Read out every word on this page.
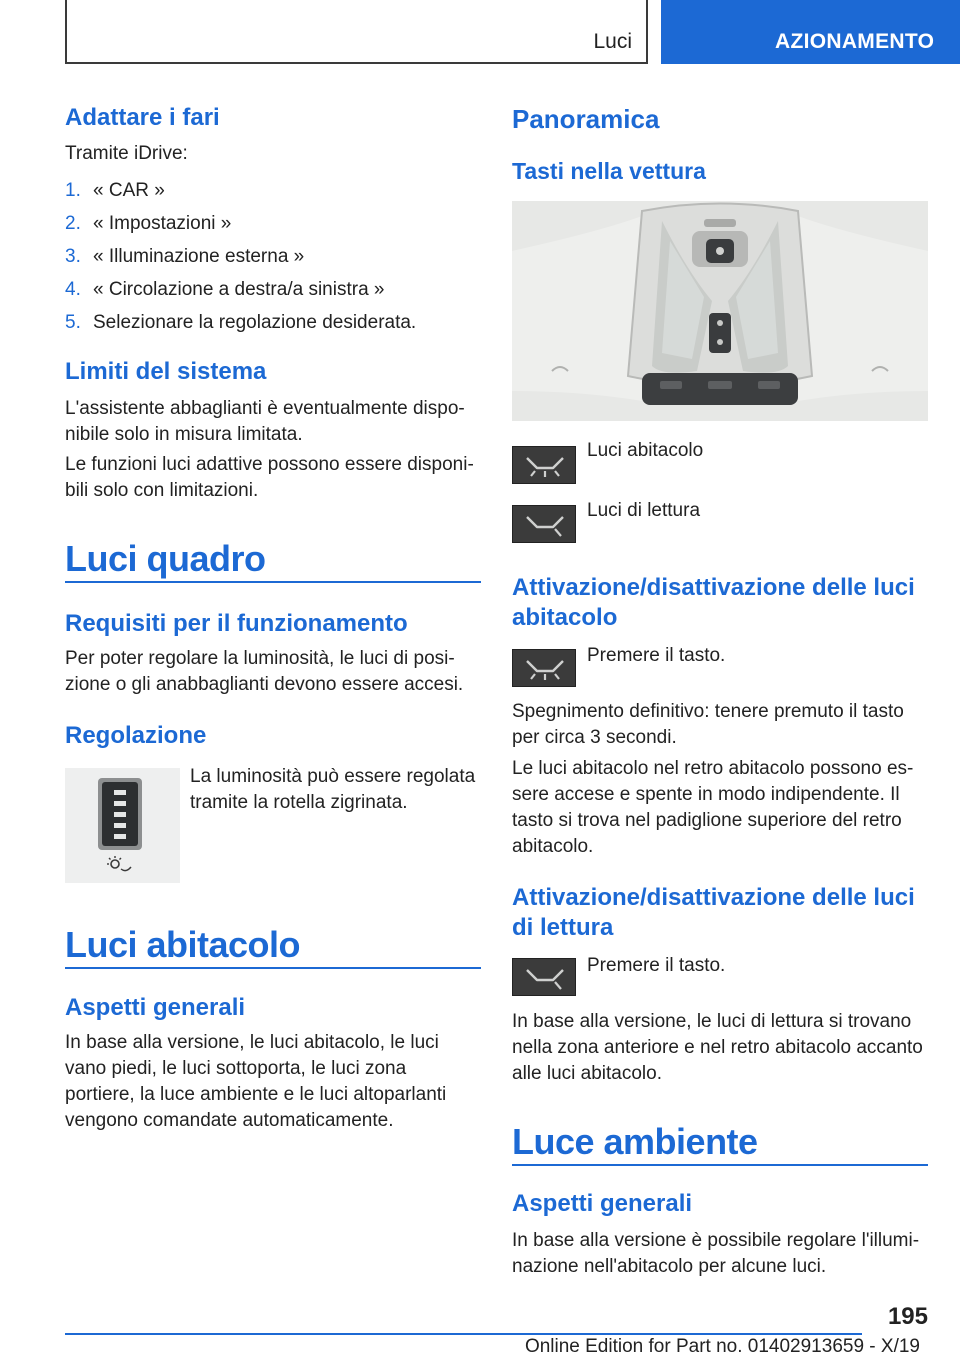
Luci	AZIONAMENTO
Adattare i fari
Tramite iDrive:
1. « CAR »
2. « Impostazioni »
3. « Illuminazione esterna »
4. « Circolazione a destra/a sinistra »
5. Selezionare la regolazione desiderata.
Limiti del sistema
L'assistente abbaglianti è eventualmente disponibile solo in misura limitata.
Le funzioni luci adattive possono essere disponibili solo con limitazioni.
Luci quadro
Requisiti per il funzionamento
Per poter regolare la luminosità, le luci di posizione o gli anabbaglianti devono essere accesi.
Regolazione
La luminosità può essere regolata tramite la rotella zigrinata.
Luci abitacolo
Aspetti generali
In base alla versione, le luci abitacolo, le luci vano piedi, le luci sottoporta, le luci zona portiere, la luce ambiente e le luci altoparlanti vengono comandate automaticamente.
Panoramica
Tasti nella vettura
Luci abitacolo
Luci di lettura
Attivazione/disattivazione delle luci abitacolo
Premere il tasto.
Spegnimento definitivo: tenere premuto il tasto per circa 3 secondi.
Le luci abitacolo nel retro abitacolo possono essere accese e spente in modo indipendente. Il tasto si trova nel padiglione superiore del retro abitacolo.
Attivazione/disattivazione delle luci di lettura
Premere il tasto.
In base alla versione, le luci di lettura si trovano nella zona anteriore e nel retro abitacolo accanto alle luci abitacolo.
Luce ambiente
Aspetti generali
In base alla versione è possibile regolare l'illuminazione nell'abitacolo per alcune luci.
195
Online Edition for Part no. 01402913659 - X/19
